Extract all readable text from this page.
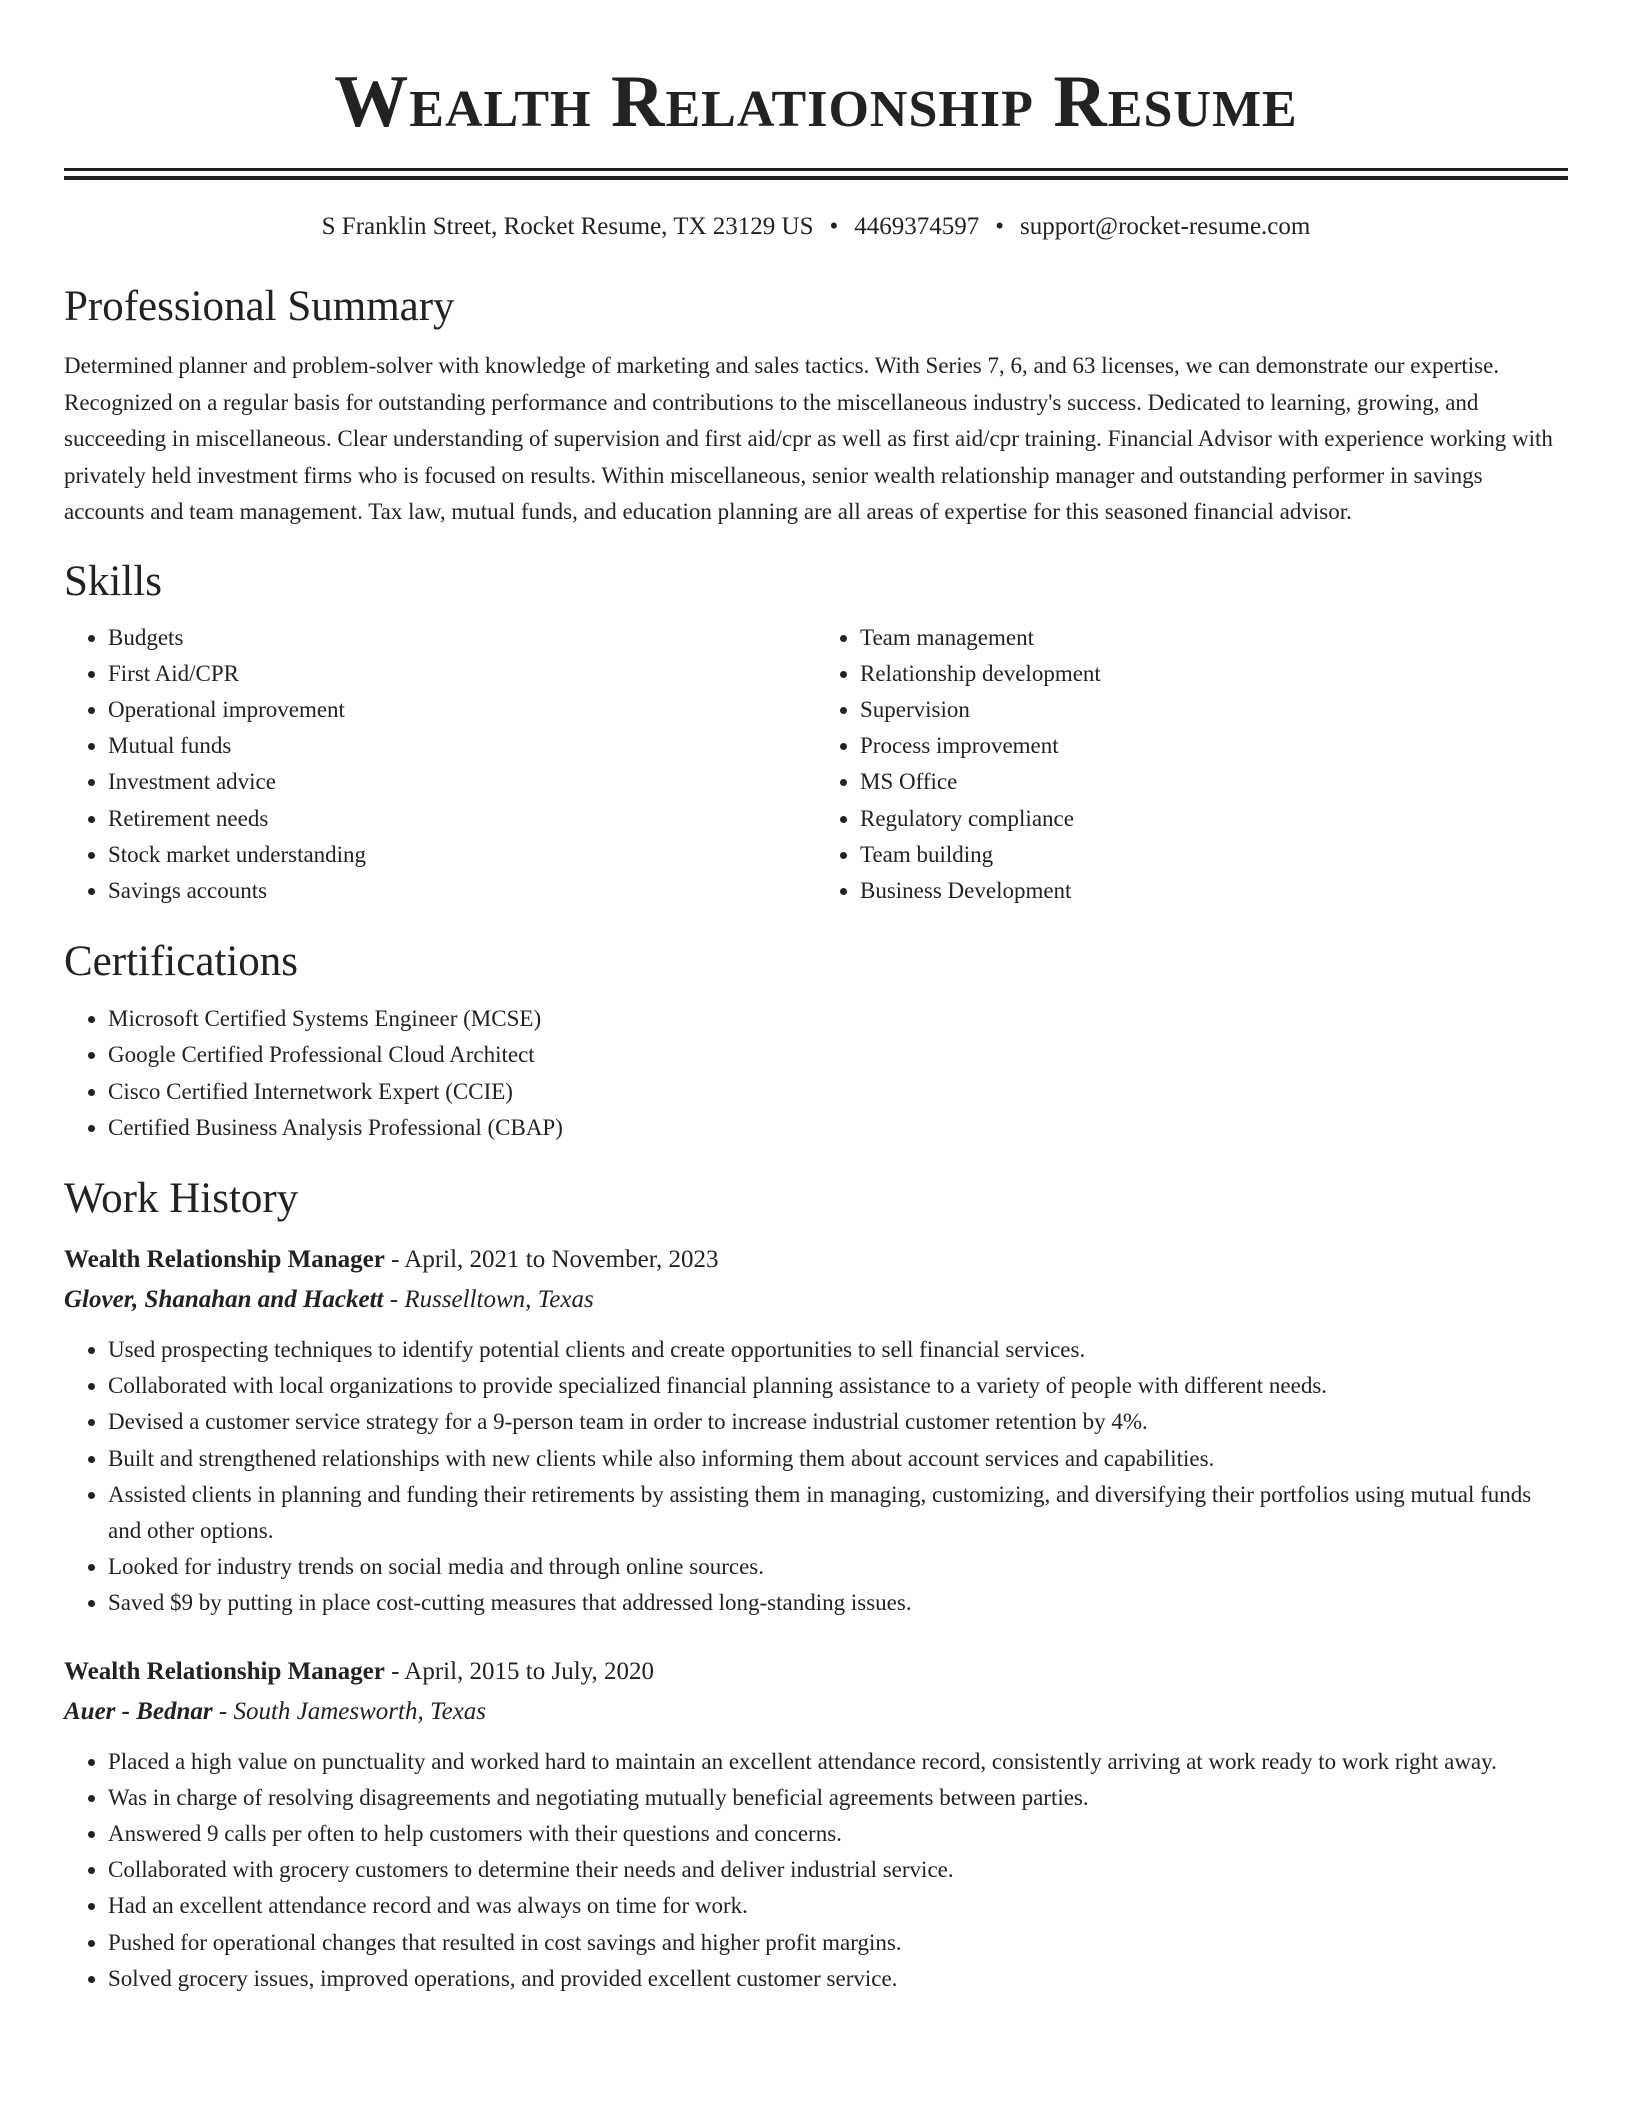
Wealth Relationship Resume
S Franklin Street, Rocket Resume, TX 23129 US • 4469374597 • support@rocket-resume.com
Professional Summary

Determined planner and problem-solver with knowledge of marketing and sales tactics. With Series 7, 6, and 63 licenses, we can demonstrate our expertise. Recognized on a regular basis for outstanding performance and contributions to the miscellaneous industry's success. Dedicated to learning, growing, and succeeding in miscellaneous. Clear understanding of supervision and first aid/cpr as well as first aid/cpr training. Financial Advisor with experience working with privately held investment firms who is focused on results. Within miscellaneous, senior wealth relationship manager and outstanding performer in savings accounts and team management. Tax law, mutual funds, and education planning are all areas of expertise for this seasoned financial advisor.

Skills
• Budgets
• First Aid/CPR
• Operational improvement
• Mutual funds
• Investment advice
• Retirement needs
• Stock market understanding
• Savings accounts
• Team management
• Relationship development
• Supervision
• Process improvement
• MS Office
• Regulatory compliance
• Team building
• Business Development
Certifications
• Microsoft Certified Systems Engineer (MCSE)
• Google Certified Professional Cloud Architect
• Cisco Certified Internetwork Expert (CCIE)
• Certified Business Analysis Professional (CBAP)
Work History
Wealth Relationship Manager - April, 2021 to November, 2023
Glover, Shanahan and Hackett - Russelltown, Texas
• Used prospecting techniques to identify potential clients and create opportunities to sell financial services.
• Collaborated with local organizations to provide specialized financial planning assistance to a variety of people with different needs.
• Devised a customer service strategy for a 9-person team in order to increase industrial customer retention by 4%.
• Built and strengthened relationships with new clients while also informing them about account services and capabilities.
• Assisted clients in planning and funding their retirements by assisting them in managing, customizing, and diversifying their portfolios using mutual funds and other options.
• Looked for industry trends on social media and through online sources.
• Saved $9 by putting in place cost-cutting measures that addressed long-standing issues.
Wealth Relationship Manager - April, 2015 to July, 2020
Auer - Bednar - South Jamesworth, Texas
• Placed a high value on punctuality and worked hard to maintain an excellent attendance record, consistently arriving at work ready to work right away.
• Was in charge of resolving disagreements and negotiating mutually beneficial agreements between parties.
• Answered 9 calls per often to help customers with their questions and concerns.
• Collaborated with grocery customers to determine their needs and deliver industrial service.
• Had an excellent attendance record and was always on time for work.
• Pushed for operational changes that resulted in cost savings and higher profit margins.
• Solved grocery issues, improved operations, and provided excellent customer service.
